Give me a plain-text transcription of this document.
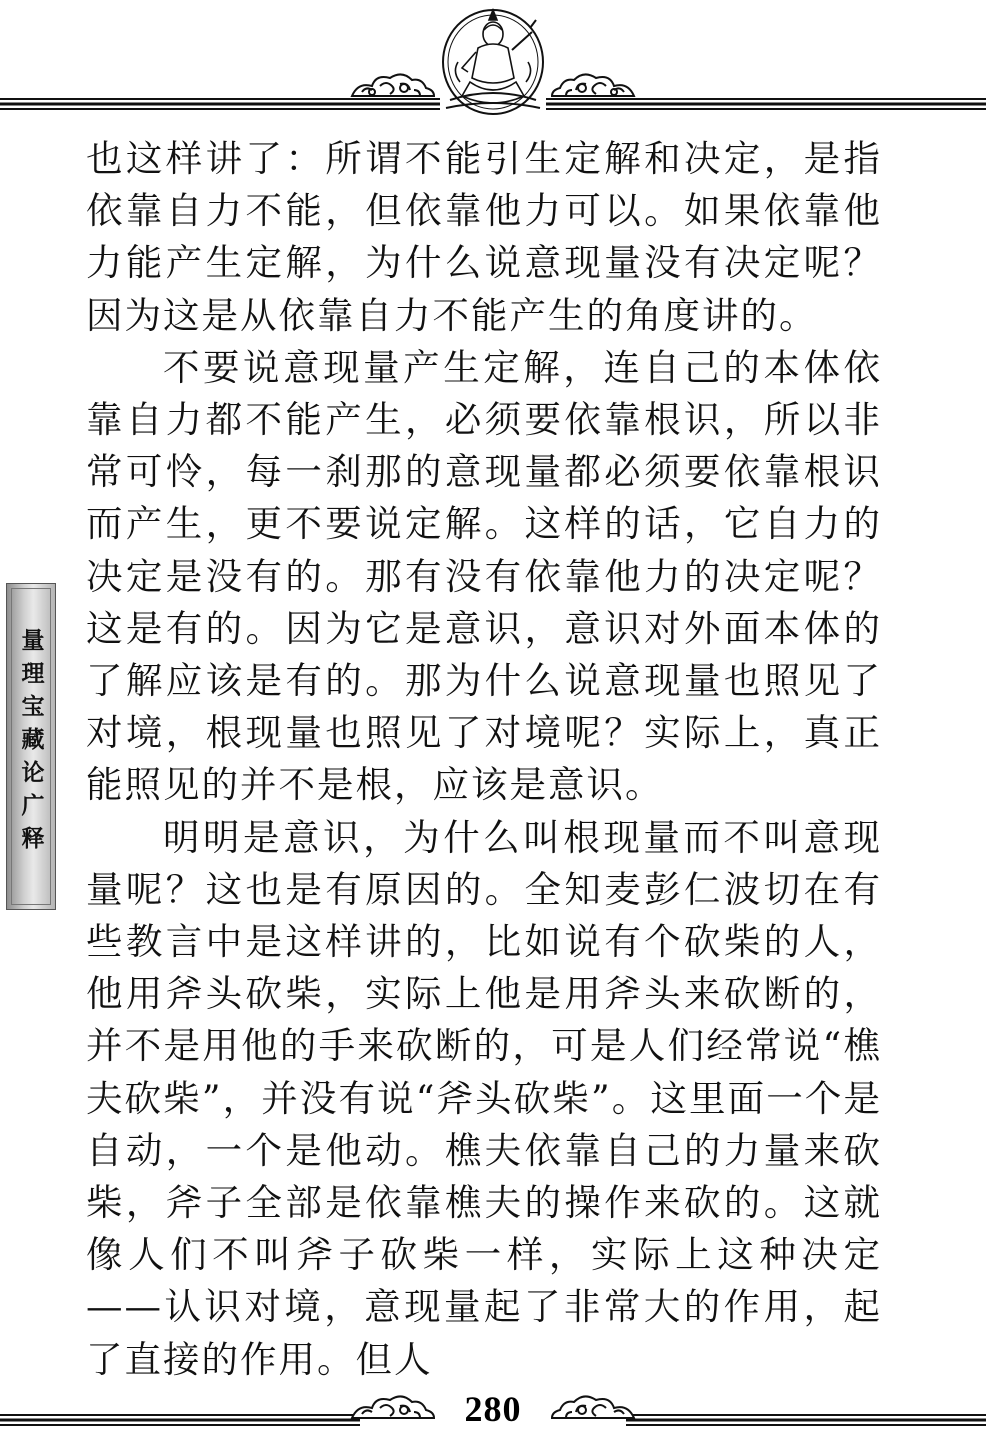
量理宝藏论广释

也这样讲了：所谓不能引生定解和决定，是指依靠自力不能，但依靠他力可以。如果依靠他力能产生定解，为什么说意现量没有决定呢？因为这是从依靠自力不能产生的角度讲的。

不要说意现量产生定解，连自己的本体依靠自力都不能产生，必须要依靠根识，所以非常可怜，每一刹那的意现量都必须要依靠根识而产生，更不要说定解。这样的话，它自力的决定是没有的。那有没有依靠他力的决定呢？这是有的。因为它是意识，意识对外面本体的了解应该是有的。那为什么说意现量也照见了对境，根现量也照见了对境呢？实际上，真正能照见的并不是根，应该是意识。

明明是意识，为什么叫根现量而不叫意现量呢？这也是有原因的。全知麦彭仁波切在有些教言中是这样讲的，比如说有个砍柴的人，他用斧头砍柴，实际上他是用斧头来砍断的，并不是用他的手来砍断的，可是人们经常说“樵夫砍柴”，并没有说“斧头砍柴”。这里面一个是自动，一个是他动。樵夫依靠自己的力量来砍柴，斧子全部是依靠樵夫的操作来砍的。这就像人们不叫斧子砍柴一样，实际上这种决定——认识对境，意现量起了非常大的作用，起了直接的作用。但人

280
